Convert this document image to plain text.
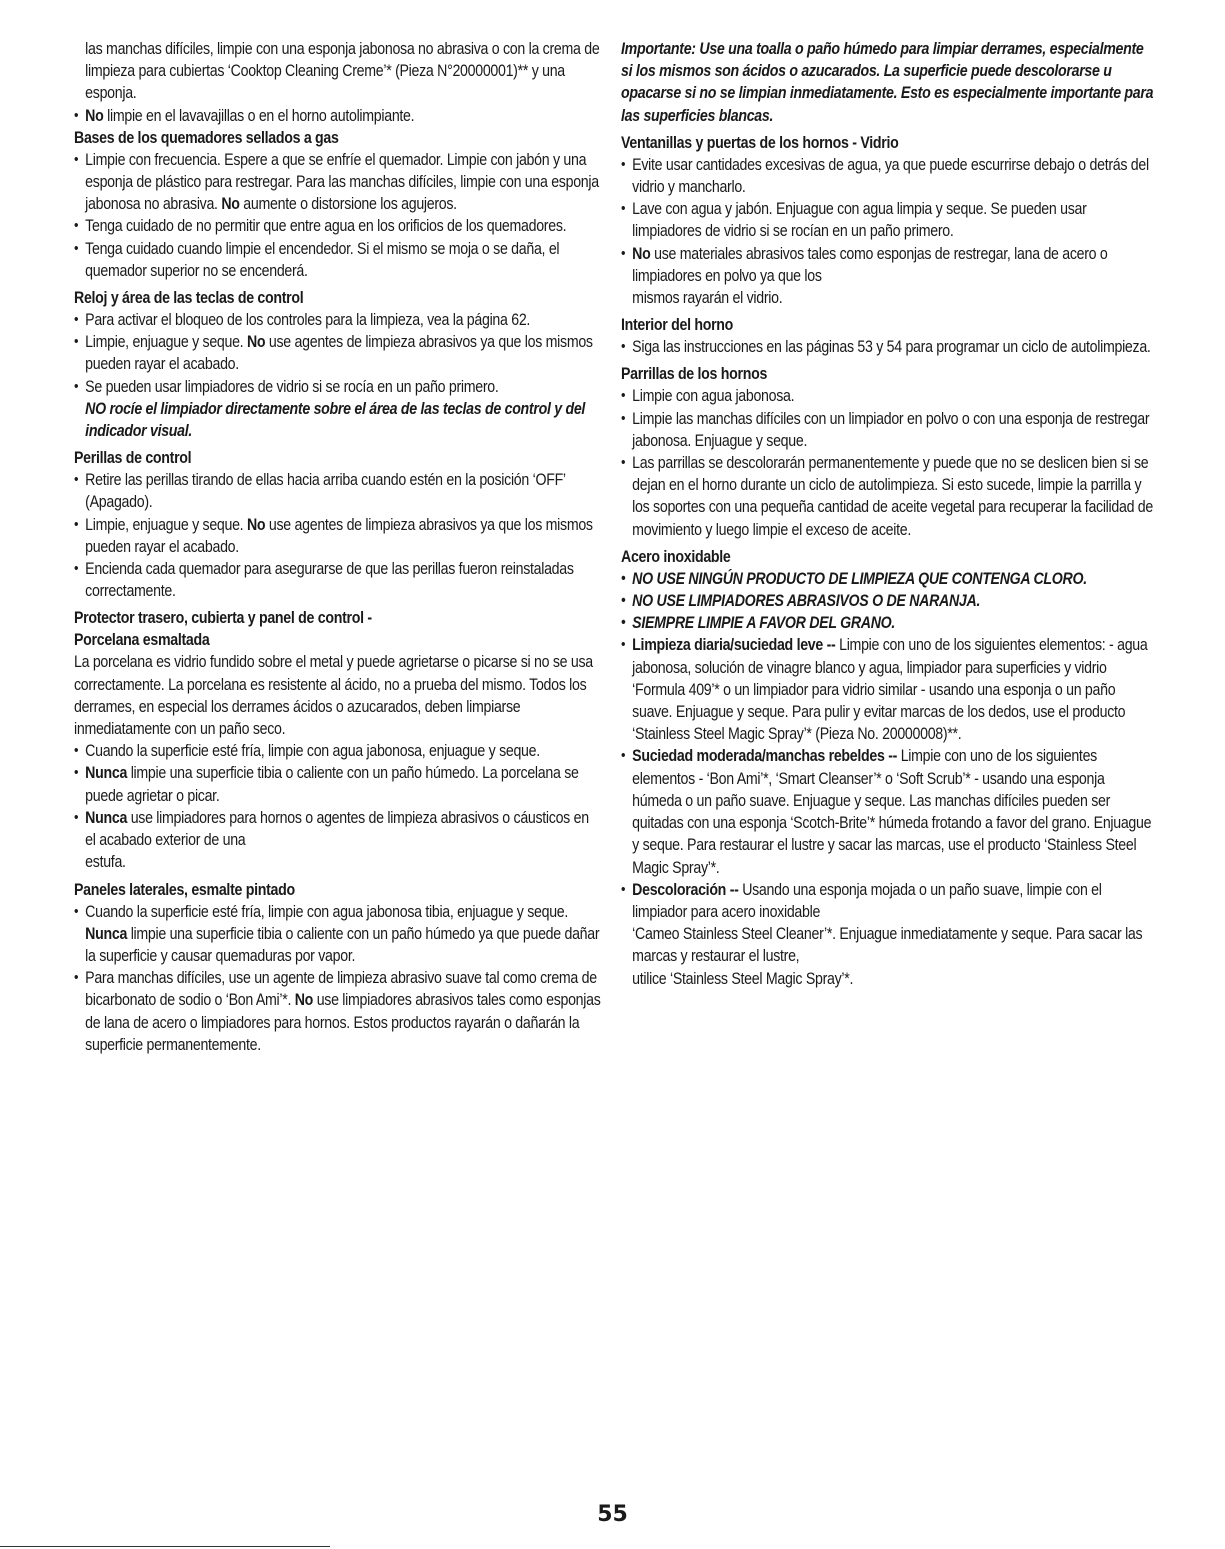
las manchas difíciles, limpie con una esponja jabonosa no abrasiva o con la crema de limpieza para cubiertas ‘Cooktop Cleaning Creme’* (Pieza N°20000001)** y una esponja.

• No limpie en el lavavajillas o en el horno autolimpiante.
Bases de los quemadores sellados a gas
• Limpie con frecuencia. Espere a que se enfríe el quemador. Limpie con jabón y una esponja de plástico para restregar. Para las manchas difíciles, limpie con una esponja jabonosa no abrasiva. No aumente o distorsione los agujeros.
• Tenga cuidado de no permitir que entre agua en los orificios de los quemadores.
• Tenga cuidado cuando limpie el encendedor. Si el mismo se moja o se daña, el quemador superior no se encenderá.
Reloj y área de las teclas de control
• Para activar el bloqueo de los controles para la limpieza, vea la página 62.
• Limpie, enjuague y seque. No use agentes de limpieza abrasivos ya que los mismos pueden rayar el acabado.
• Se pueden usar limpiadores de vidrio si se rocía en un paño primero.

NO rocíe el limpiador directamente sobre el área de las teclas de control y del indicador visual.

Perillas de control
• Retire las perillas tirando de ellas hacia arriba cuando estén en la posición ‘OFF’ (Apagado).
• Limpie, enjuague y seque. No use agentes de limpieza abrasivos ya que los mismos pueden rayar el acabado.
• Encienda cada quemador para asegurarse de que las perillas fueron reinstaladas correctamente.
Protector trasero, cubierta y panel de control -
Porcelana esmaltada

La porcelana es vidrio fundido sobre el metal y puede agrietarse o picarse si no se usa correctamente. La porcelana es resistente al ácido, no a prueba del mismo. Todos los derrames, en especial los derrames ácidos o azucarados, deben limpiarse inmediatamente con un paño seco.

• Cuando la superficie esté fría, limpie con agua jabonosa, enjuague y seque.
• Nunca limpie una superficie tibia o caliente con un paño húmedo. La porcelana se puede agrietar o picar.
• Nunca use limpiadores para hornos o agentes de limpieza abrasivos o cáusticos en el acabado exterior de una
estufa.
Paneles laterales, esmalte pintado
• Cuando la superficie esté fría, limpie con agua jabonosa tibia, enjuague y seque. Nunca limpie una superficie tibia o caliente con un paño húmedo ya que puede dañar la superficie y causar quemaduras por vapor.
• Para manchas difíciles, use un agente de limpieza abrasivo suave tal como crema de bicarbonato de sodio o ‘Bon Ami’*. No use limpiadores abrasivos tales como esponjas de lana de acero o limpiadores para hornos. Estos productos rayarán o dañarán la superficie permanentemente.

Importante: Use una toalla o paño húmedo para limpiar derrames, especialmente si los mismos son ácidos o azucarados. La superficie puede descolorarse u opacarse si no se limpian inmediatamente. Esto es especialmente importante para las superficies blancas.

Ventanillas y puertas de los hornos - Vidrio
• Evite usar cantidades excesivas de agua, ya que puede escurrirse debajo o detrás del vidrio y mancharlo.
• Lave con agua y jabón. Enjuague con agua limpia y seque. Se pueden usar limpiadores de vidrio si se rocían en un paño primero.
• No use materiales abrasivos tales como esponjas de restregar, lana de acero o limpiadores en polvo ya que los
mismos rayarán el vidrio.
Interior del horno
• Siga las instrucciones en las páginas 53 y 54 para programar un ciclo de autolimpieza.
Parrillas de los hornos
• Limpie con agua jabonosa.
• Limpie las manchas difíciles con un limpiador en polvo o con una esponja de restregar jabonosa. Enjuague y seque.
• Las parrillas se descolorarán permanentemente y puede que no se deslicen bien si se dejan en el horno durante un ciclo de autolimpieza. Si esto sucede, limpie la parrilla y los soportes con una pequeña cantidad de aceite vegetal para recuperar la facilidad de movimiento y luego limpie el exceso de aceite.
Acero inoxidable
• NO USE NINGÚN PRODUCTO DE LIMPIEZA QUE CONTENGA CLORO.
• NO USE LIMPIADORES ABRASIVOS O DE NARANJA.
• SIEMPRE LIMPIE A FAVOR DEL GRANO.
• Limpieza diaria/suciedad leve -- Limpie con uno de los siguientes elementos: - agua jabonosa, solución de vinagre blanco y agua, limpiador para superficies y vidrio ‘Formula 409’* o un limpiador para vidrio similar - usando una esponja o un paño suave. Enjuague y seque. Para pulir y evitar marcas de los dedos, use el producto ‘Stainless Steel Magic Spray’* (Pieza No. 20000008)**.
• Suciedad moderada/manchas rebeldes -- Limpie con uno de los siguientes elementos - ‘Bon Ami’*, ‘Smart Cleanser’* o ‘Soft Scrub’* - usando una esponja húmeda o un paño suave. Enjuague y seque. Las manchas difíciles pueden ser quitadas con una esponja ‘Scotch-Brite’* húmeda frotando a favor del grano. Enjuague y seque. Para restaurar el lustre y sacar las marcas, use el producto ‘Stainless Steel Magic Spray’*.
• Descoloración -- Usando una esponja mojada o un paño suave, limpie con el limpiador para acero inoxidable
‘Cameo Stainless Steel Cleaner’*. Enjuague inmediatamente y seque. Para sacar las marcas y restaurar el lustre,
utilice ‘Stainless Steel Magic Spray’*.
55
